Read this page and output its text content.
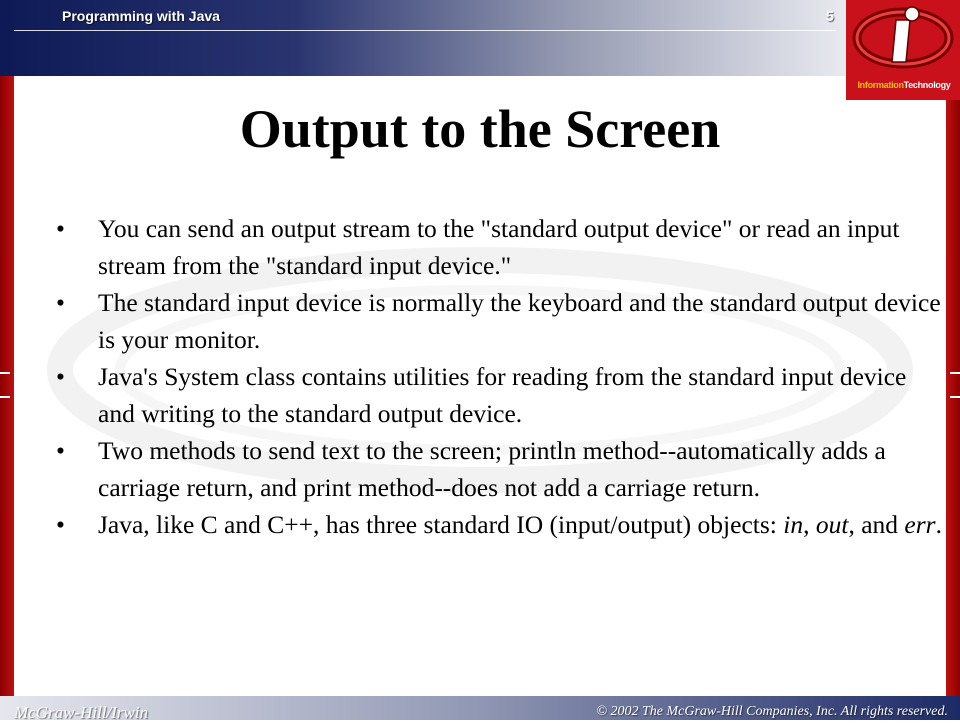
Programming with Java	5
InformationTechnology
Output to the Screen
• You can send an output stream to the "standard output device" or read an input stream from the "standard input device."
• The standard input device is normally the keyboard and the standard output device is your monitor.
• Java's System class contains utilities for reading from the standard input device and writing to the standard output device.
• Two methods to send text to the screen; println method--automatically adds a carriage return, and print method--does not add a carriage return.
• Java, like C and C++, has three standard IO (input/output) objects: in, out, and err.
McGraw-Hill/Irwin	© 2002 The McGraw-Hill Companies, Inc. All rights reserved.
